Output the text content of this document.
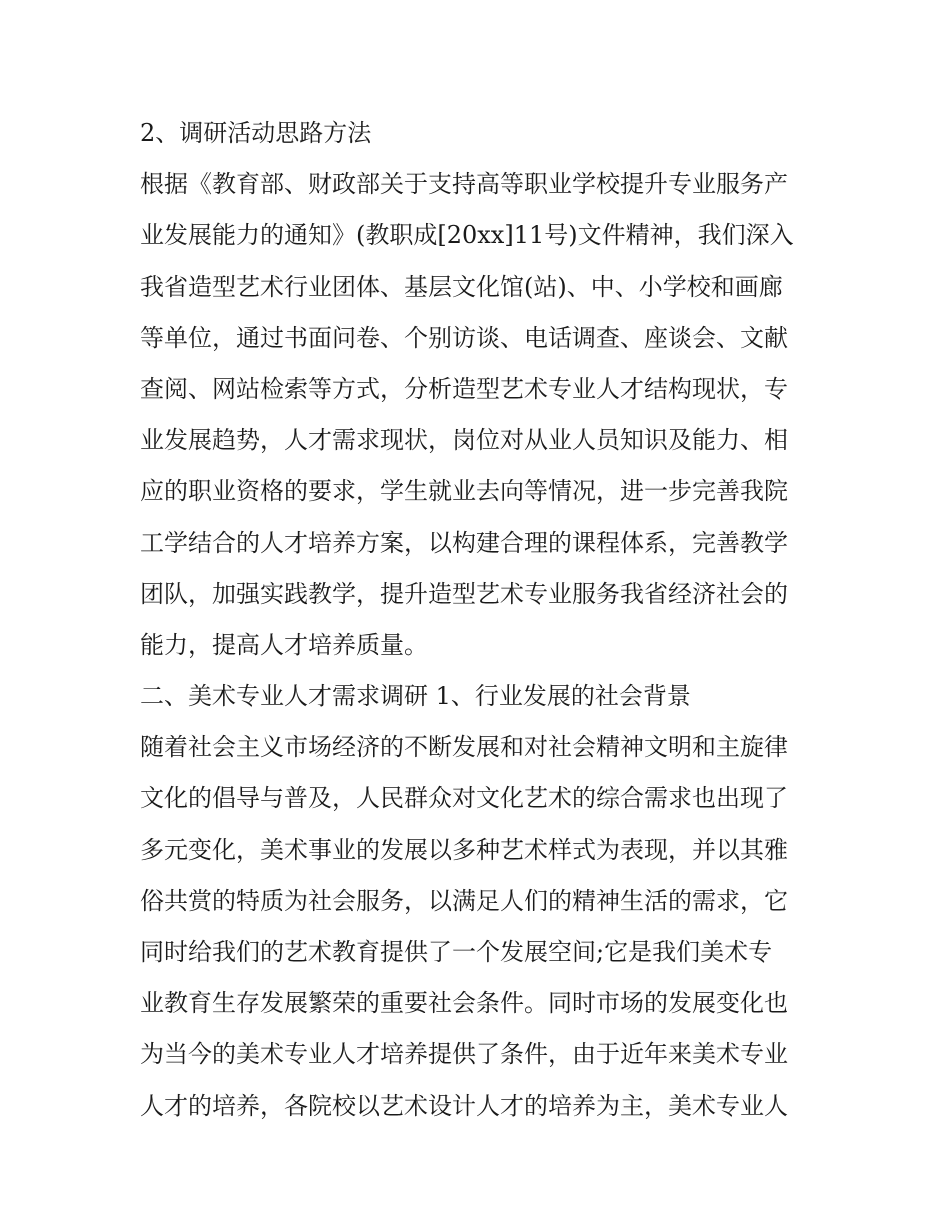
2、调研活动思路方法
根据《教育部、财政部关于支持高等职业学校提升专业服务产
业发展能力的通知》(教职成[20xx]11号)文件精神，我们深入
我省造型艺术行业团体、基层文化馆(站)、中、小学校和画廊
等单位，通过书面问卷、个别访谈、电话调查、座谈会、文献
查阅、网站检索等方式，分析造型艺术专业人才结构现状，专
业发展趋势，人才需求现状，岗位对从业人员知识及能力、相
应的职业资格的要求，学生就业去向等情况，进一步完善我院
工学结合的人才培养方案，以构建合理的课程体系，完善教学
团队，加强实践教学，提升造型艺术专业服务我省经济社会的
能力，提高人才培养质量。
二、美术专业人才需求调研 1、行业发展的社会背景
随着社会主义市场经济的不断发展和对社会精神文明和主旋律
文化的倡导与普及，人民群众对文化艺术的综合需求也出现了
多元变化，美术事业的发展以多种艺术样式为表现，并以其雅
俗共赏的特质为社会服务，以满足人们的精神生活的需求，它
同时给我们的艺术教育提供了一个发展空间;它是我们美术专
业教育生存发展繁荣的重要社会条件。同时市场的发展变化也
为当今的美术专业人才培养提供了条件，由于近年来美术专业
人才的培养，各院校以艺术设计人才的培养为主，美术专业人
